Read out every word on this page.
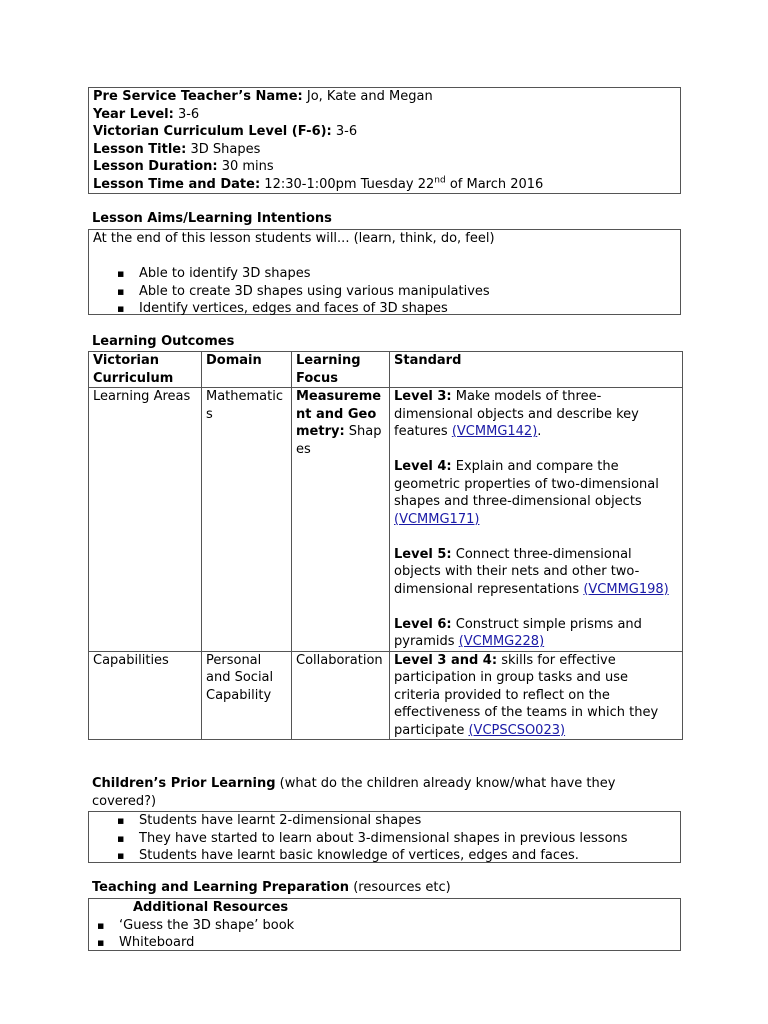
Pre Service Teacher’s Name: Jo, Kate and Megan

Year Level: 3-6

Victorian Curriculum Level (F-6): 3-6

Lesson Title: 3D Shapes

Lesson Duration: 30 mins

Lesson Time and Date: 12:30-1:00pm Tuesday 22nd of March 2016

Lesson Aims/Learning Intentions

At the end of this lesson students will... (learn, think, do, feel)

▪ Able to identify 3D shapes
▪ Able to create 3D shapes using various manipulatives
▪ Identify vertices, edges and faces of 3D shapes

Learning Outcomes

Victorian Curriculum	Domain	Learning Focus	Standard
Learning Areas	Mathematics	Measurement and Geometry: Shapes	Level 3: Make models of three-dimensional objects and describe key features (VCMMG142).

Level 4: Explain and compare the geometric properties of two-dimensional shapes and three-dimensional objects (VCMMG171)

Level 5: Connect three-dimensional objects with their nets and other two-dimensional representations (VCMMG198)

Level 6: Construct simple prisms and pyramids (VCMMG228)

Capabilities	Personal and Social Capability	Collaboration	Level 3 and 4: skills for effective participation in group tasks and use criteria provided to reflect on the effectiveness of the teams in which they participate (VCPSCSO023)

Children’s Prior Learning (what do the children already know/what have they covered?)

▪ Students have learnt 2-dimensional shapes
▪ They have started to learn about 3-dimensional shapes in previous lessons
▪ Students have learnt basic knowledge of vertices, edges and faces.

Teaching and Learning Preparation (resources etc)

Additional Resources

▪ ‘Guess the 3D shape’ book
▪ Whiteboard
